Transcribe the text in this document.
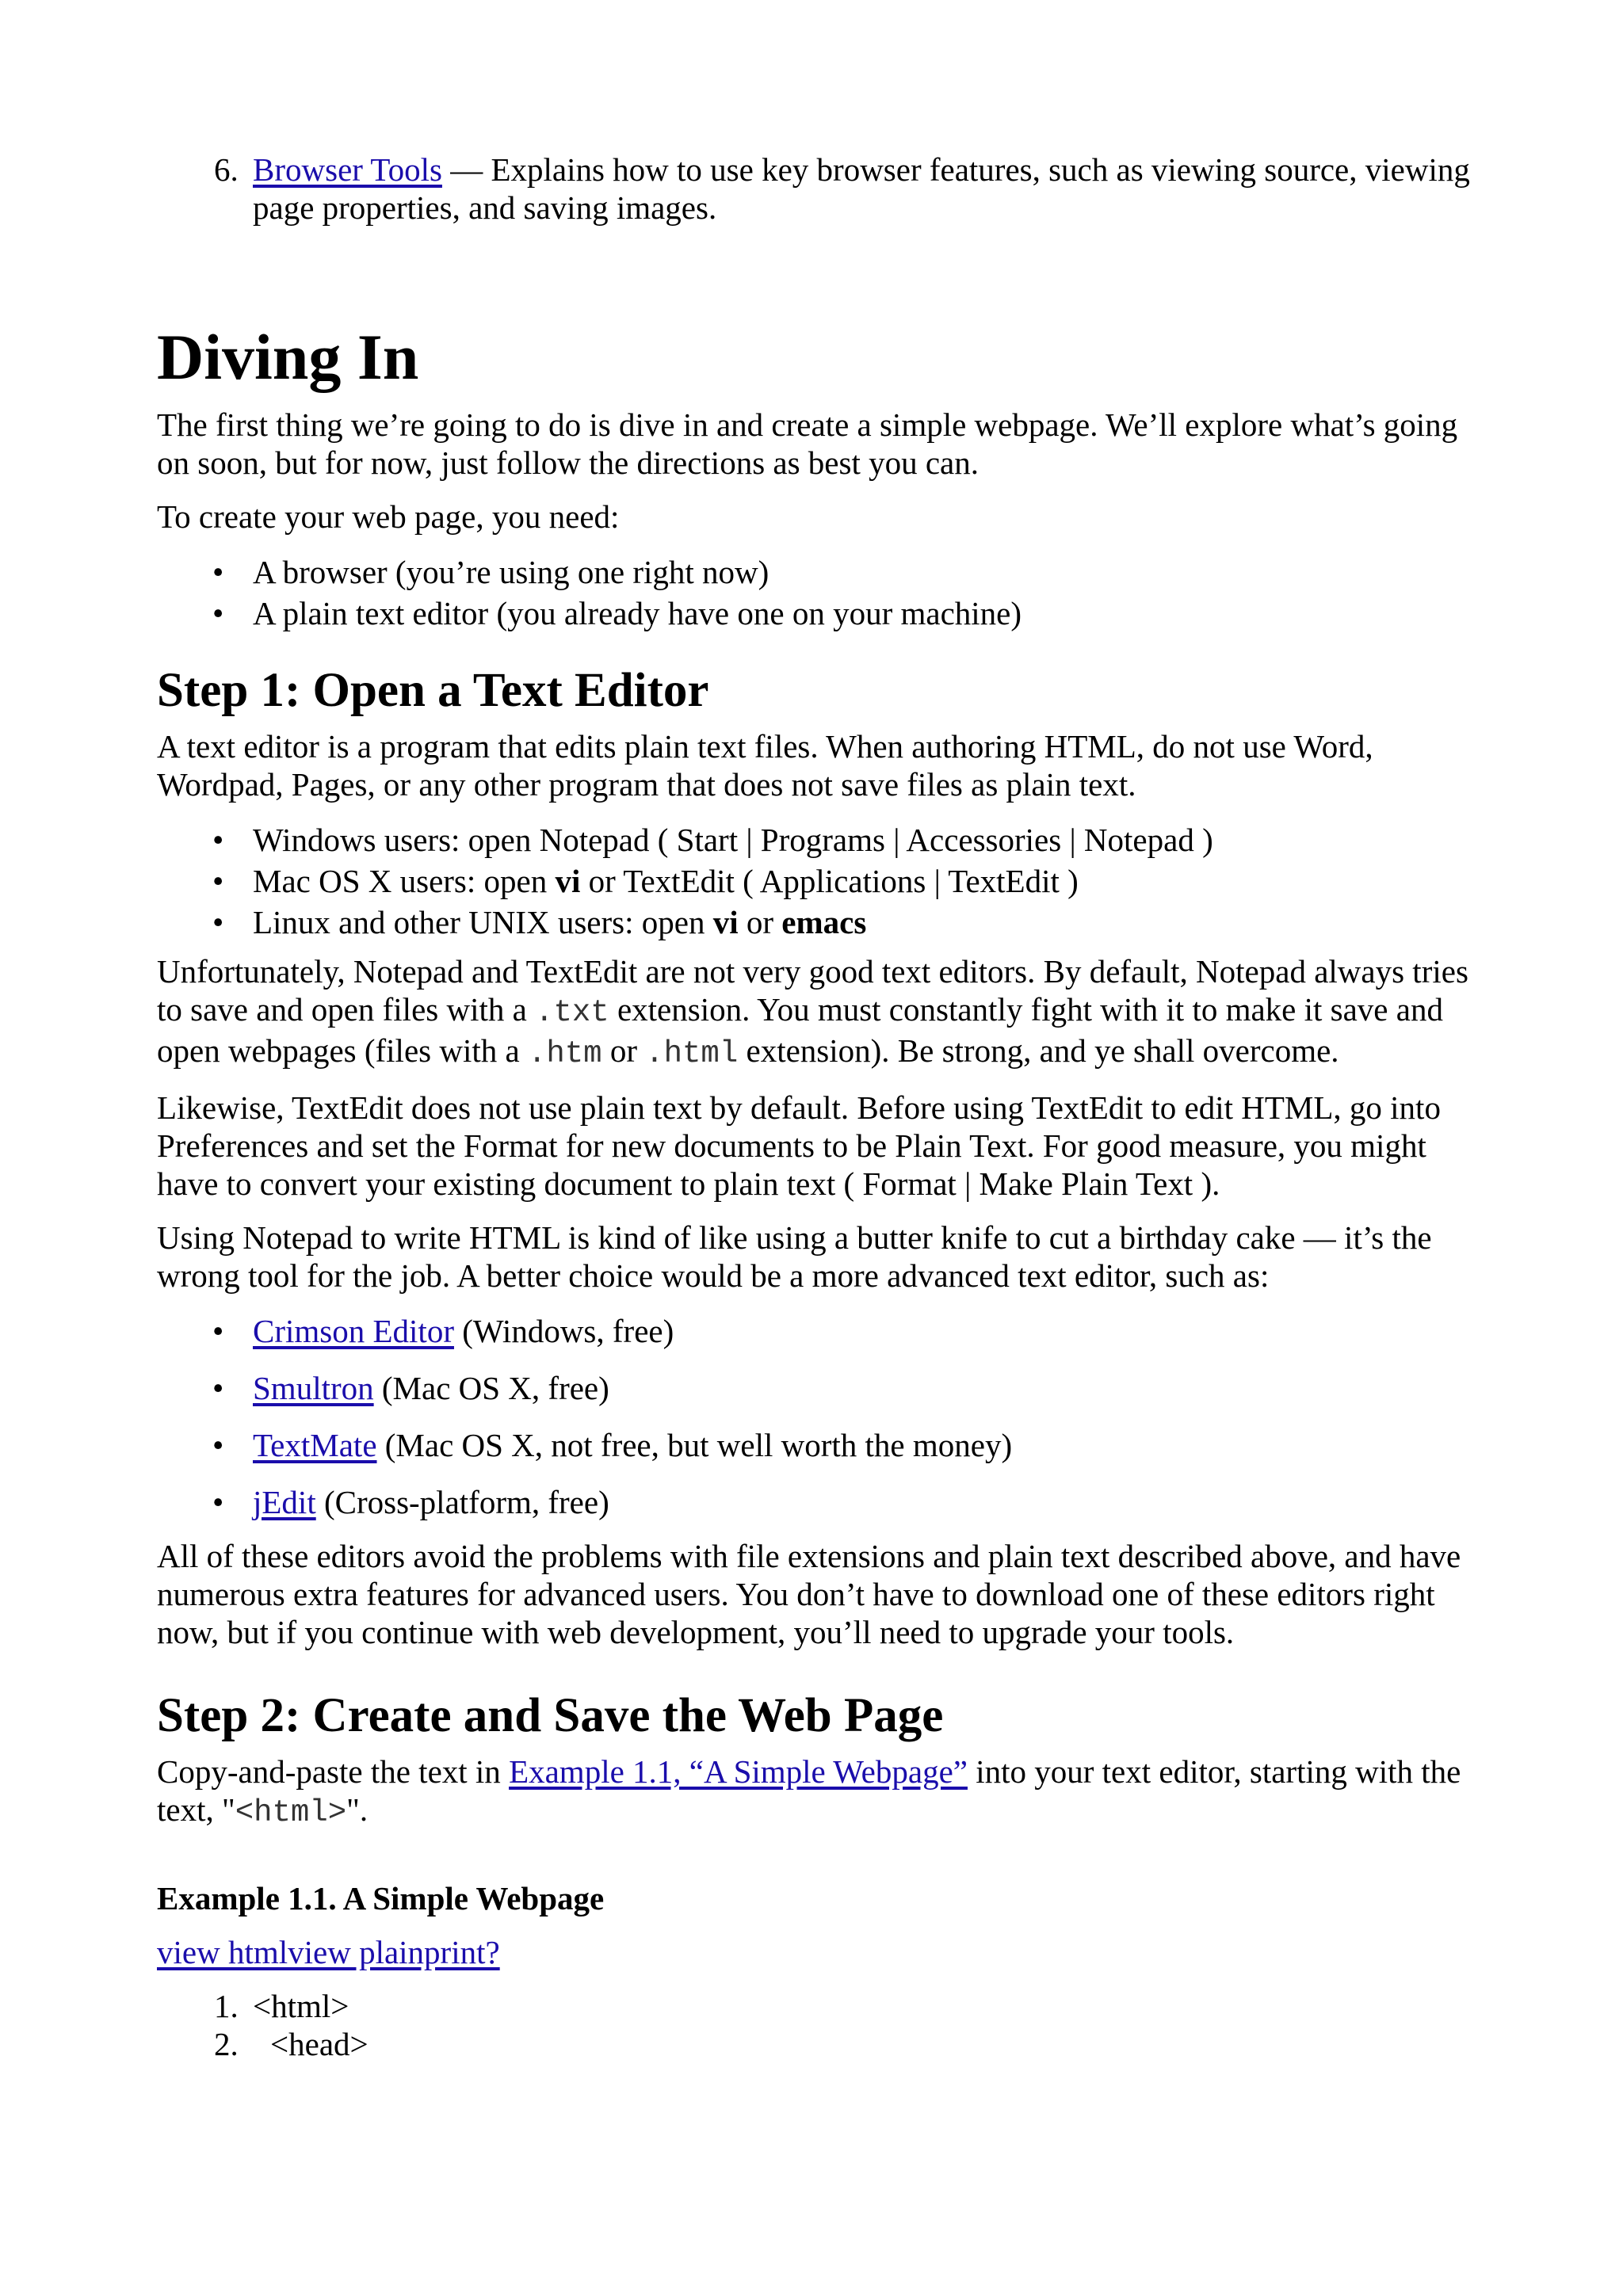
6. Browser Tools — Explains how to use key browser features, such as viewing source, viewing page properties, and saving images.
Diving In

The first thing we’re going to do is dive in and create a simple webpage. We’ll explore what’s going on soon, but for now, just follow the directions as best you can.

To create your web page, you need:

• A browser (you’re using one right now)
• A plain text editor (you already have one on your machine)
Step 1: Open a Text Editor

A text editor is a program that edits plain text files. When authoring HTML, do not use Word, Wordpad, Pages, or any other program that does not save files as plain text.

• Windows users: open Notepad ( Start | Programs | Accessories | Notepad )
• Mac OS X users: open vi or TextEdit ( Applications | TextEdit )
• Linux and other UNIX users: open vi or emacs

Unfortunately, Notepad and TextEdit are not very good text editors. By default, Notepad always tries to save and open files with a .txt extension. You must constantly fight with it to make it save and open webpages (files with a .htm or .html extension). Be strong, and ye shall overcome.

Likewise, TextEdit does not use plain text by default. Before using TextEdit to edit HTML, go into Preferences and set the Format for new documents to be Plain Text. For good measure, you might have to convert your existing document to plain text ( Format | Make Plain Text ).

Using Notepad to write HTML is kind of like using a butter knife to cut a birthday cake — it’s the wrong tool for the job. A better choice would be a more advanced text editor, such as:

• Crimson Editor (Windows, free)
• Smultron (Mac OS X, free)
• TextMate (Mac OS X, not free, but well worth the money)
• jEdit (Cross-platform, free)

All of these editors avoid the problems with file extensions and plain text described above, and have numerous extra features for advanced users. You don’t have to download one of these editors right now, but if you continue with web development, you’ll need to upgrade your tools.

Step 2: Create and Save the Web Page

Copy-and-paste the text in Example 1.1, “A Simple Webpage” into your text editor, starting with the text, "<html>".

Example 1.1. A Simple Webpage

view htmlview plainprint?

1. <html>
2. <head>
